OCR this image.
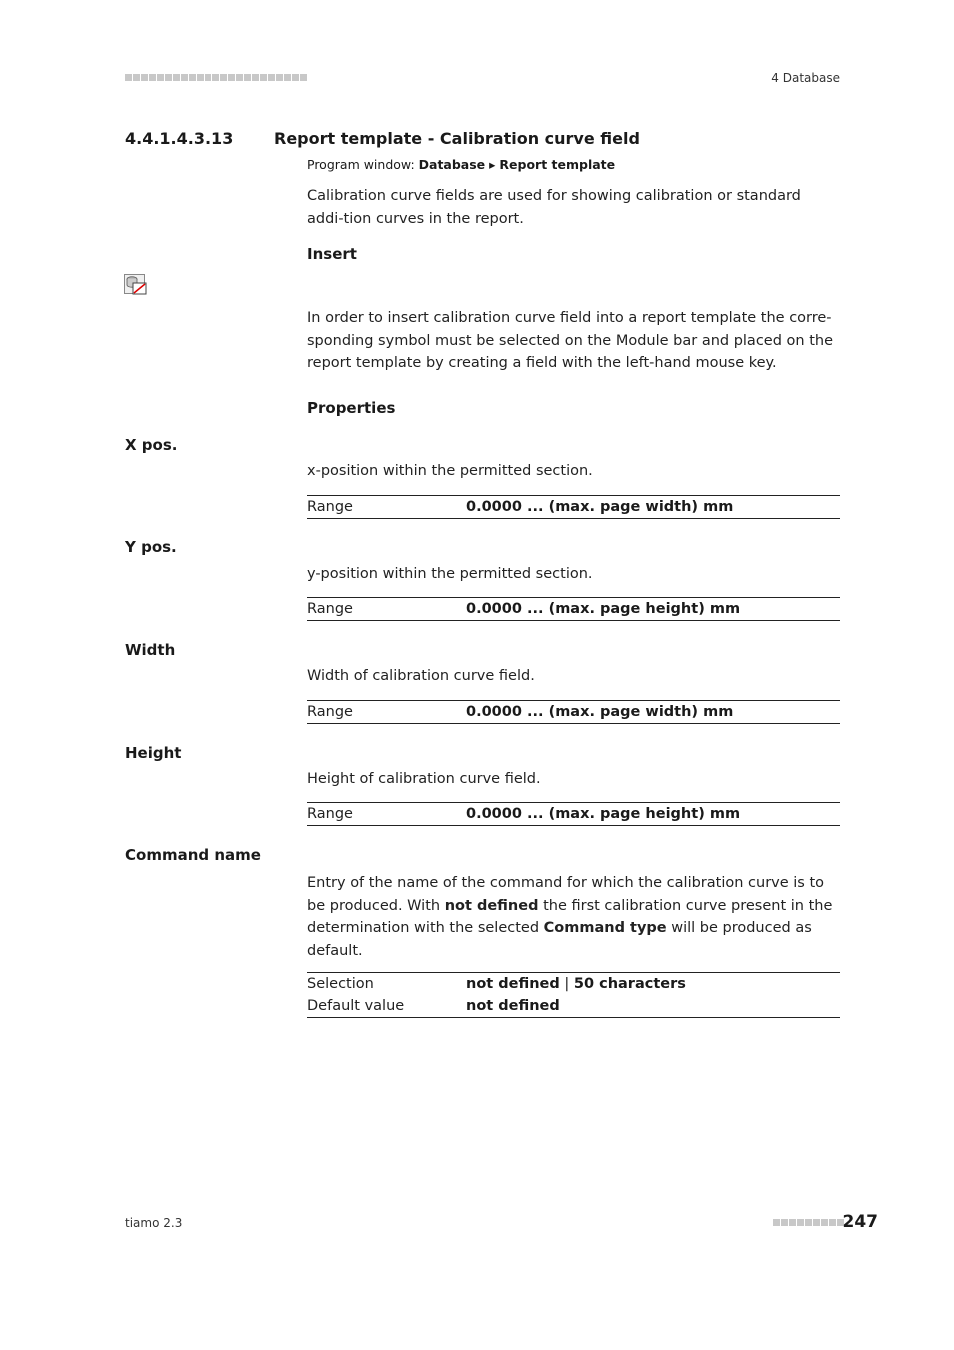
4 Database
4.4.1.4.3.13	Report template - Calibration curve field
Program window: Database ▸ Report template
Calibration curve fields are used for showing calibration or standard addi-tion curves in the report.
Insert
In order to insert calibration curve field into a report template the corre-sponding symbol must be selected on the Module bar and placed on the report template by creating a field with the left-hand mouse key.
Properties
X pos.
x-position within the permitted section.
Range	0.0000 ... (max. page width) mm
Y pos.
y-position within the permitted section.
Range	0.0000 ... (max. page height) mm
Width
Width of calibration curve field.
Range	0.0000 ... (max. page width) mm
Height
Height of calibration curve field.
Range	0.0000 ... (max. page height) mm
Command name
Entry of the name of the command for which the calibration curve is to be produced. With not defined the first calibration curve present in the determination with the selected Command type will be produced as default.
Selection	not defined | 50 characters
Default value	not defined
tiamo 2.3	247
